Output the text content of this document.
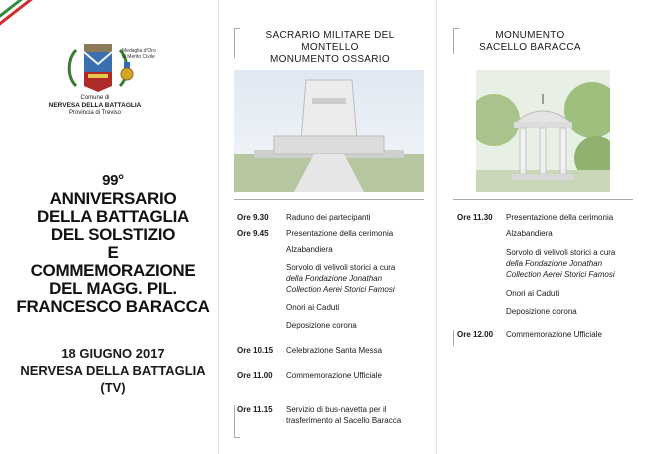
Medaglia d'Oro
al Merito Civile
Comune di
NERVESA DELLA BATTAGLIA
Provincia di Treviso
99°
ANNIVERSARIO
DELLA BATTAGLIA
DEL SOLSTIZIO
E
COMMEMORAZIONE
DEL MAGG. PIL.
FRANCESCO BARACCA
18 GIUGNO 2017
NERVESA DELLA BATTAGLIA (TV)
SACRARIO MILITARE DEL
MONTELLO
MONUMENTO OSSARIO
Ore 9.30 Raduno dei partecipanti
Ore 9.45 Presentazione della cerimonia
Alzabandiera
Sorvolo di velivoli storici a cura
della Fondazione Jonathan
Collection Aerei Storici Famosi
Onori ai Caduti
Deposizione corona
Ore 10.15 Celebrazione Santa Messa
Ore 11.00 Commemorazione Ufficiale
Ore 11.15 Servizio di bus-navetta per il
trasferimento al Sacello Baracca
MONUMENTO
SACELLO BARACCA
Ore 11.30 Presentazione della cerimonia
Alzabandiera
Sorvolo di velivoli storici a cura
della Fondazione Jonathan
Collection Aerei Storici Famosi
Onori ai Caduti
Deposizione corona
Ore 12.00 Commemorazione Ufficiale
